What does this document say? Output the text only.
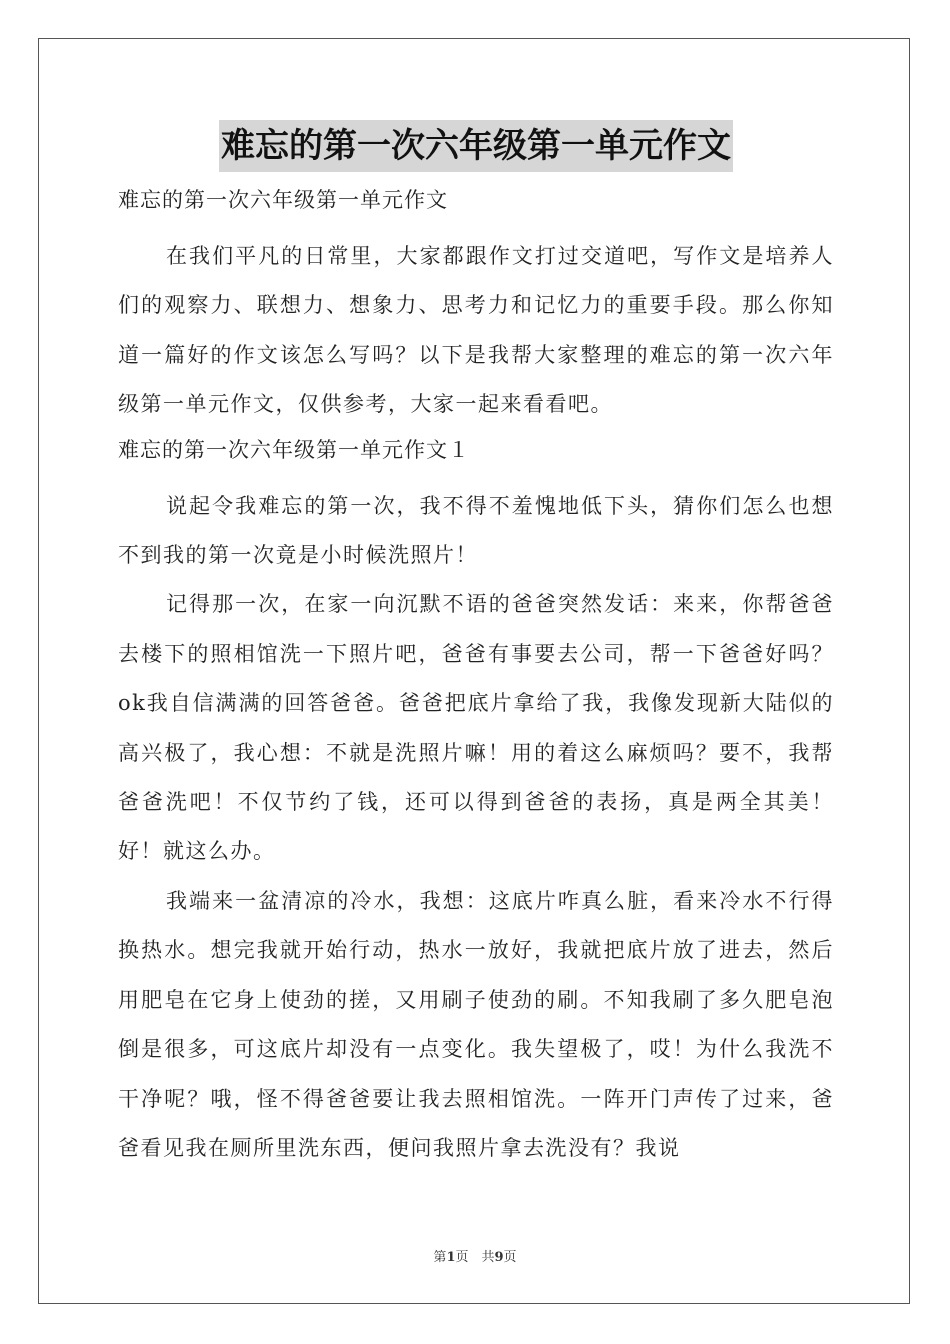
难忘的第一次六年级第一单元作文
难忘的第一次六年级第一单元作文

在我们平凡的日常里，大家都跟作文打过交道吧，写作文是培养人们的观察力、联想力、想象力、思考力和记忆力的重要手段。那么你知道一篇好的作文该怎么写吗？以下是我帮大家整理的难忘的第一次六年级第一单元作文，仅供参考，大家一起来看看吧。

难忘的第一次六年级第一单元作文１

说起令我难忘的第一次，我不得不羞愧地低下头，猜你们怎么也想不到我的第一次竟是小时候洗照片！

记得那一次，在家一向沉默不语的爸爸突然发话：来来，你帮爸爸去楼下的照相馆洗一下照片吧，爸爸有事要去公司，帮一下爸爸好吗？ok我自信满满的回答爸爸。爸爸把底片拿给了我，我像发现新大陆似的高兴极了，我心想：不就是洗照片嘛！用的着这么麻烦吗？要不，我帮爸爸洗吧！不仅节约了钱，还可以得到爸爸的表扬，真是两全其美！好！就这么办。

我端来一盆清凉的冷水，我想：这底片咋真么脏，看来冷水不行得换热水。想完我就开始行动，热水一放好，我就把底片放了进去，然后用肥皂在它身上使劲的搓，又用刷子使劲的刷。不知我刷了多久肥皂泡倒是很多，可这底片却没有一点变化。我失望极了，哎！为什么我洗不干净呢？哦，怪不得爸爸要让我去照相馆洗。一阵开门声传了过来，爸爸看见我在厕所里洗东西，便问我照片拿去洗没有？我说

第1页　共9页
